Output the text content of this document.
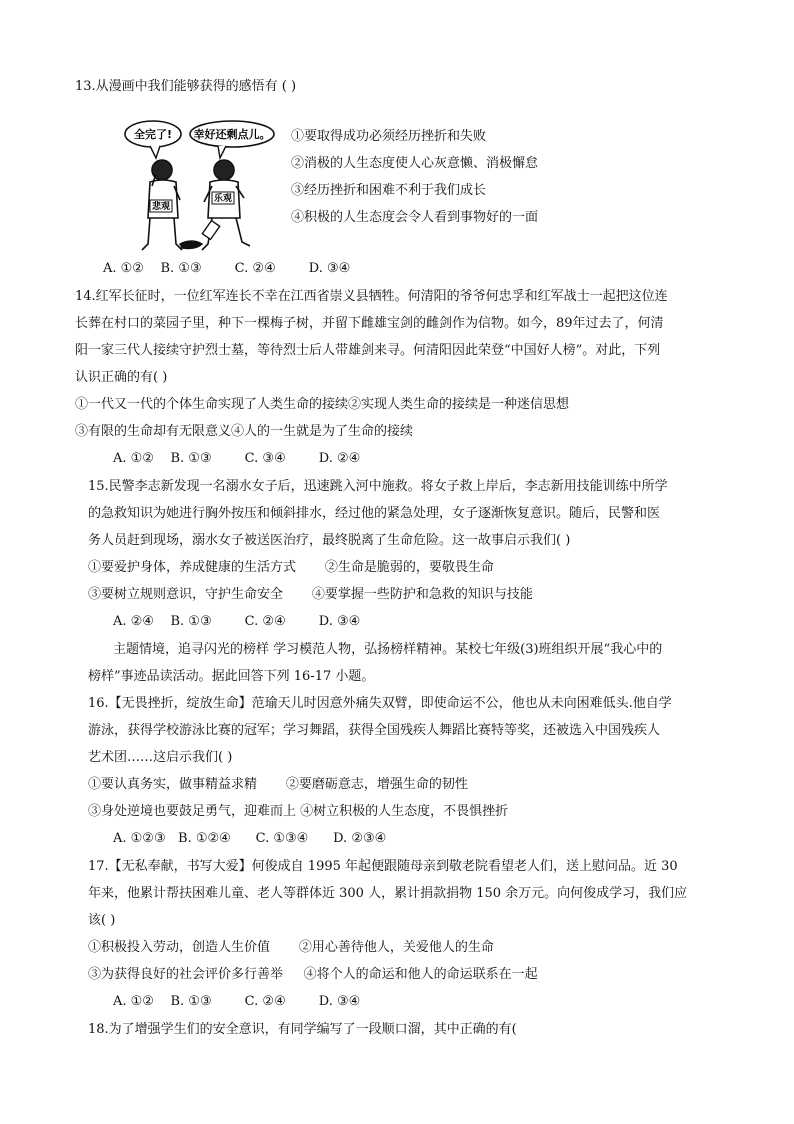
13.从漫画中我们能够获得的感悟有 ( )
全完了! 幸好还剩点儿。
悲观
乐观
①要取得成功必须经历挫折和失败
②消极的人生态度使人心灰意懒、消极懈怠
③经历挫折和困难不利于我们成长
④积极的人生态度会令人看到事物好的一面
A. ①②    B. ①③        C. ②④        D. ③④
14.红军长征时，一位红军连长不幸在江西省崇义县牺牲。何清阳的爷爷何忠孚和红军战士一起把这位连
长葬在村口的菜园子里，种下一棵梅子树，并留下雌雄宝剑的雌剑作为信物。如今，89年过去了，何清
阳一家三代人接续守护烈士墓，等待烈士后人带雄剑来寻。何清阳因此荣登“中国好人榜”。对此，下列
认识正确的有( )
①一代又一代的个体生命实现了人类生命的接续②实现人类生命的接续是一种迷信思想
③有限的生命却有无限意义④人的一生就是为了生命的接续
A. ①②    B. ①③        C. ③④        D. ②④
15.民警李志新发现一名溺水女子后，迅速跳入河中施救。将女子救上岸后，李志新用技能训练中所学
的急救知识为她进行胸外按压和倾斜排水，经过他的紧急处理，女子逐渐恢复意识。随后，民警和医
务人员赶到现场，溺水女子被送医治疗，最终脱离了生命危险。这一故事启示我们( )
①要爱护身体，养成健康的生活方式       ②生命是脆弱的，要敬畏生命
③要树立规则意识，守护生命安全       ④要掌握一些防护和急救的知识与技能
A. ②④    B. ①③        C. ②④        D. ③④
主题情境，追寻闪光的榜样 学习模范人物，弘扬榜样精神。某校七年级(3)班组织开展“我心中的
榜样”事迹品读活动。据此回答下列 16-17 小题。
16.【无畏挫折，绽放生命】范瑜天儿时因意外痛失双臂，即使命运不公，他也从未向困难低头.他自学
游泳，获得学校游泳比赛的冠军；学习舞蹈，获得全国残疾人舞蹈比赛特等奖，还被选入中国残疾人
艺术团……这启示我们( )
①要认真务实，做事精益求精       ②要磨砺意志，增强生命的韧性
③身处逆境也要鼓足勇气，迎难而上 ④树立积极的人生态度，不畏惧挫折
A. ①②③   B. ①②④      C. ①③④      D. ②③④
17.【无私奉献，书写大爱】何俊成自 1995 年起便跟随母亲到敬老院看望老人们，送上慰问品。近 30
年来，他累计帮扶困难儿童、老人等群体近 300 人，累计捐款捐物 150 余万元。向何俊成学习，我们应
该( )
①积极投入劳动，创造人生价值       ②用心善待他人，关爱他人的生命
③为获得良好的社会评价多行善举     ④将个人的命运和他人的命运联系在一起
A. ①②    B. ①③        C. ②④        D. ③④
18.为了增强学生们的安全意识，有同学编写了一段顺口溜，其中正确的有(
